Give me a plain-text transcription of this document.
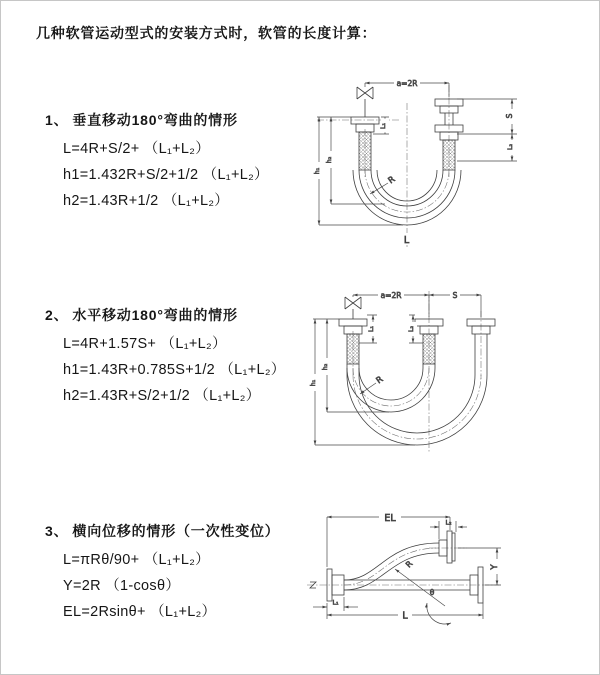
几种软管运动型式的安装方式时，软管的长度计算：
1、 垂直移动180°弯曲的情形
L=4R+S/2+ （L₁+L₂）
h1=1.432R+S/2+1/2 （L₁+L₂）
h2=1.43R+1/2 （L₁+L₂）
2、 水平移动180°弯曲的情形
L=4R+1.57S+ （L₁+L₂）
h1=1.43R+0.785S+1/2 （L₁+L₂）
h2=1.43R+S/2+1/2 （L₁+L₂）
3、 横向位移的情形（一次性变位）
L=πRθ/90+ （L₁+L₂）
Y=2R （1-cosθ）
EL=2Rsinθ+ （L₁+L₂）
a=2R
S
L₂
h₁
h₂
L₁
R
L
a=2R	S
h₁
h₂
L₁	L₂
R
EL	L₂
Y
R
θ
L
L₁
